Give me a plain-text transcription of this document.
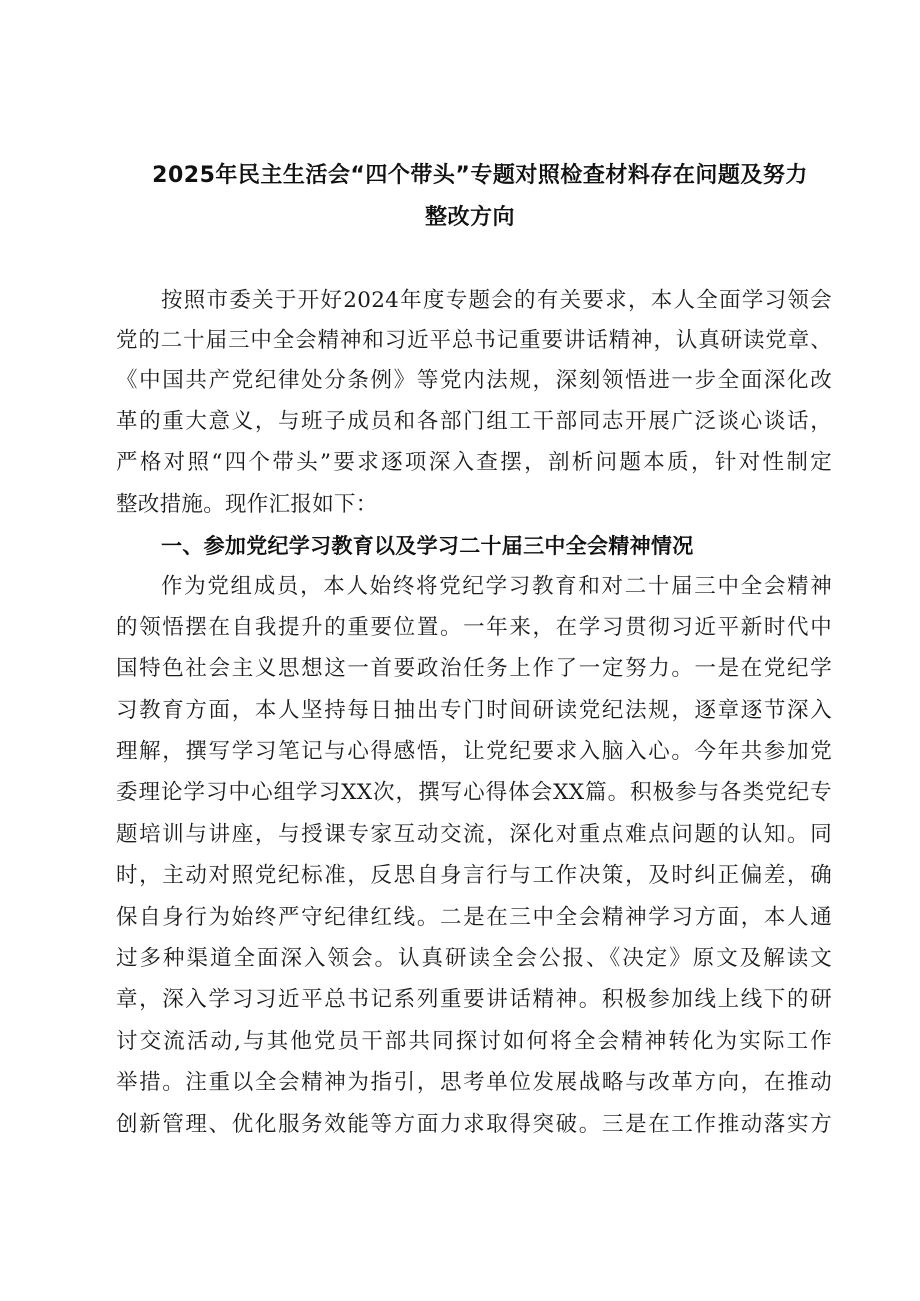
2025年民主生活会“四个带头”专题对照检查材料存在问题及努力
整改方向
按照市委关于开好2024年度专题会的有关要求，本人全面学习领会
党的二十届三中全会精神和习近平总书记重要讲话精神，认真研读党章、
《中国共产党纪律处分条例》等党内法规，深刻领悟进一步全面深化改
革的重大意义，与班子成员和各部门组工干部同志开展广泛谈心谈话，
严格对照“四个带头”要求逐项深入查摆，剖析问题本质，针对性制定
整改措施。现作汇报如下：
一、参加党纪学习教育以及学习二十届三中全会精神情况
作为党组成员，本人始终将党纪学习教育和对二十届三中全会精神
的领悟摆在自我提升的重要位置。一年来，在学习贯彻习近平新时代中
国特色社会主义思想这一首要政治任务上作了一定努力。一是在党纪学
习教育方面，本人坚持每日抽出专门时间研读党纪法规，逐章逐节深入
理解，撰写学习笔记与心得感悟，让党纪要求入脑入心。今年共参加党
委理论学习中心组学习XX次，撰写心得体会XX篇。积极参与各类党纪专
题培训与讲座，与授课专家互动交流，深化对重点难点问题的认知。同
时，主动对照党纪标准，反思自身言行与工作决策，及时纠正偏差，确
保自身行为始终严守纪律红线。二是在三中全会精神学习方面，本人通
过多种渠道全面深入领会。认真研读全会公报、《决定》原文及解读文
章，深入学习习近平总书记系列重要讲话精神。积极参加线上线下的研
讨交流活动,与其他党员干部共同探讨如何将全会精神转化为实际工作
举措。注重以全会精神为指引，思考单位发展战略与改革方向，在推动
创新管理、优化服务效能等方面力求取得突破。三是在工作推动落实方
